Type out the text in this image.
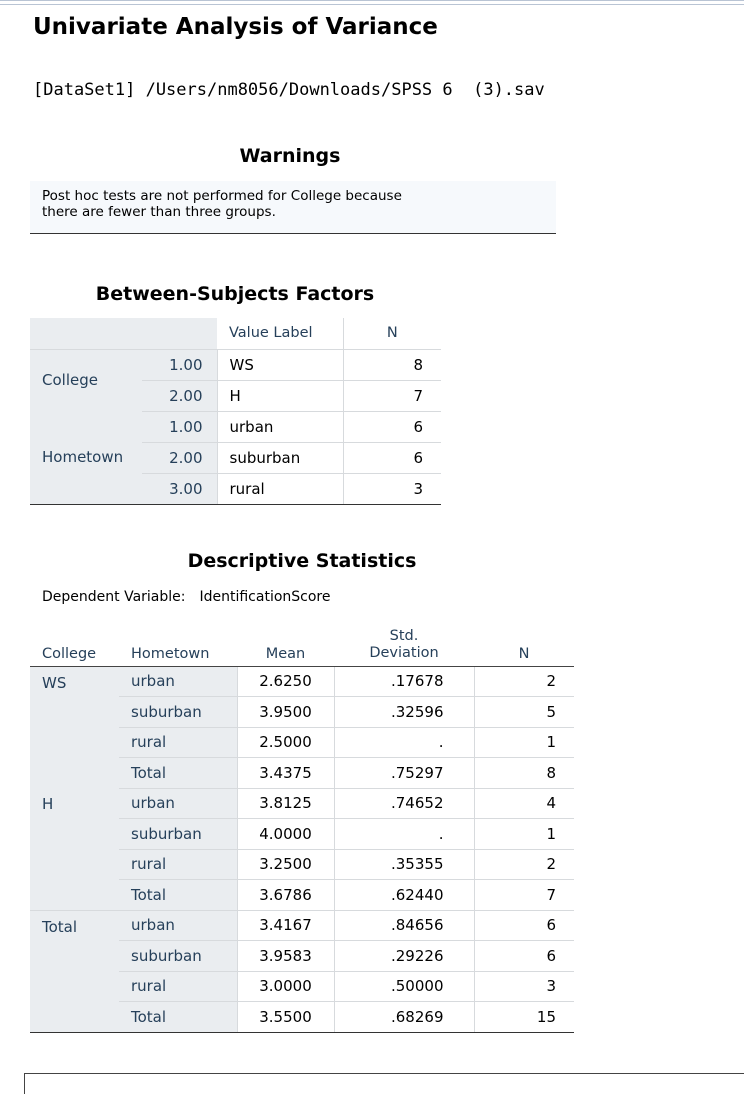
Univariate Analysis of Variance
[DataSet1] /Users/nm8056/Downloads/SPSS 6  (3).sav
Warnings
Post hoc tests are not performed for College because
there are fewer than three groups.
Between-Subjects Factors
		Value Label	N
College	1.00	WS	8
	2.00	H	7
Hometown	1.00	urban	6
	2.00	suburban	6
	3.00	rural	3
Descriptive Statistics
Dependent Variable: IdentificationScore
College	Hometown	Mean	Std.
Deviation	N
WS	urban	2.6250	.17678	2
	suburban	3.9500	.32596	5
	rural	2.5000	.	1
	Total	3.4375	.75297	8
H	urban	3.8125	.74652	4
	suburban	4.0000	.	1
	rural	3.2500	.35355	2
	Total	3.6786	.62440	7
Total	urban	3.4167	.84656	6
	suburban	3.9583	.29226	6
	rural	3.0000	.50000	3
	Total	3.5500	.68269	15
